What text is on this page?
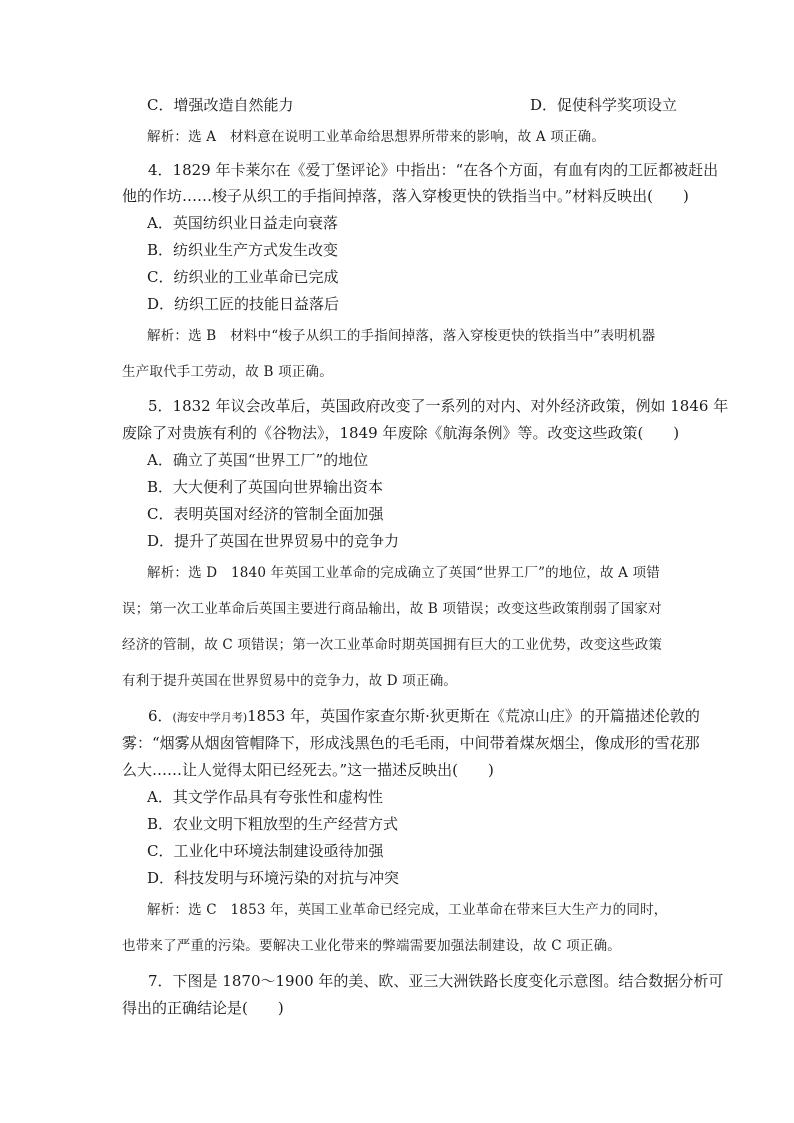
C．增强改造自然能力	D．促使科学奖项设立
解析：选 A　材料意在说明工业革命给思想界所带来的影响，故 A 项正确。
4．1829 年卡莱尔在《爱丁堡评论》中指出：“在各个方面，有血有肉的工匠都被赶出
他的作坊……梭子从织工的手指间掉落，落入穿梭更快的铁指当中。”材料反映出(　　)
A．英国纺织业日益走向衰落
B．纺织业生产方式发生改变
C．纺织业的工业革命已完成
D．纺织工匠的技能日益落后
解析：选 B　材料中“梭子从织工的手指间掉落，落入穿梭更快的铁指当中”表明机器
生产取代手工劳动，故 B 项正确。
5．1832 年议会改革后，英国政府改变了一系列的对内、对外经济政策，例如 1846 年
废除了对贵族有利的《谷物法》，1849 年废除《航海条例》等。改变这些政策(　　)
A．确立了英国“世界工厂”的地位
B．大大便利了英国向世界输出资本
C．表明英国对经济的管制全面加强
D．提升了英国在世界贸易中的竞争力
解析：选 D　1840 年英国工业革命的完成确立了英国“世界工厂”的地位，故 A 项错
误；第一次工业革命后英国主要进行商品输出，故 B 项错误；改变这些政策削弱了国家对
经济的管制，故 C 项错误；第一次工业革命时期英国拥有巨大的工业优势，改变这些政策
有利于提升英国在世界贸易中的竞争力，故 D 项正确。
6．(海安中学月考)1853 年，英国作家查尔斯·狄更斯在《荒凉山庄》的开篇描述伦敦的
雾：“烟雾从烟囱管帽降下，形成浅黑色的毛毛雨，中间带着煤灰烟尘，像成形的雪花那
么大……让人觉得太阳已经死去。”这一描述反映出(　　)
A．其文学作品具有夸张性和虚构性
B．农业文明下粗放型的生产经营方式
C．工业化中环境法制建设亟待加强
D．科技发明与环境污染的对抗与冲突
解析：选 C　1853 年，英国工业革命已经完成，工业革命在带来巨大生产力的同时，
也带来了严重的污染。要解决工业化带来的弊端需要加强法制建设，故 C 项正确。
7．下图是 1870～1900 年的美、欧、亚三大洲铁路长度变化示意图。结合数据分析可
得出的正确结论是(　　)
